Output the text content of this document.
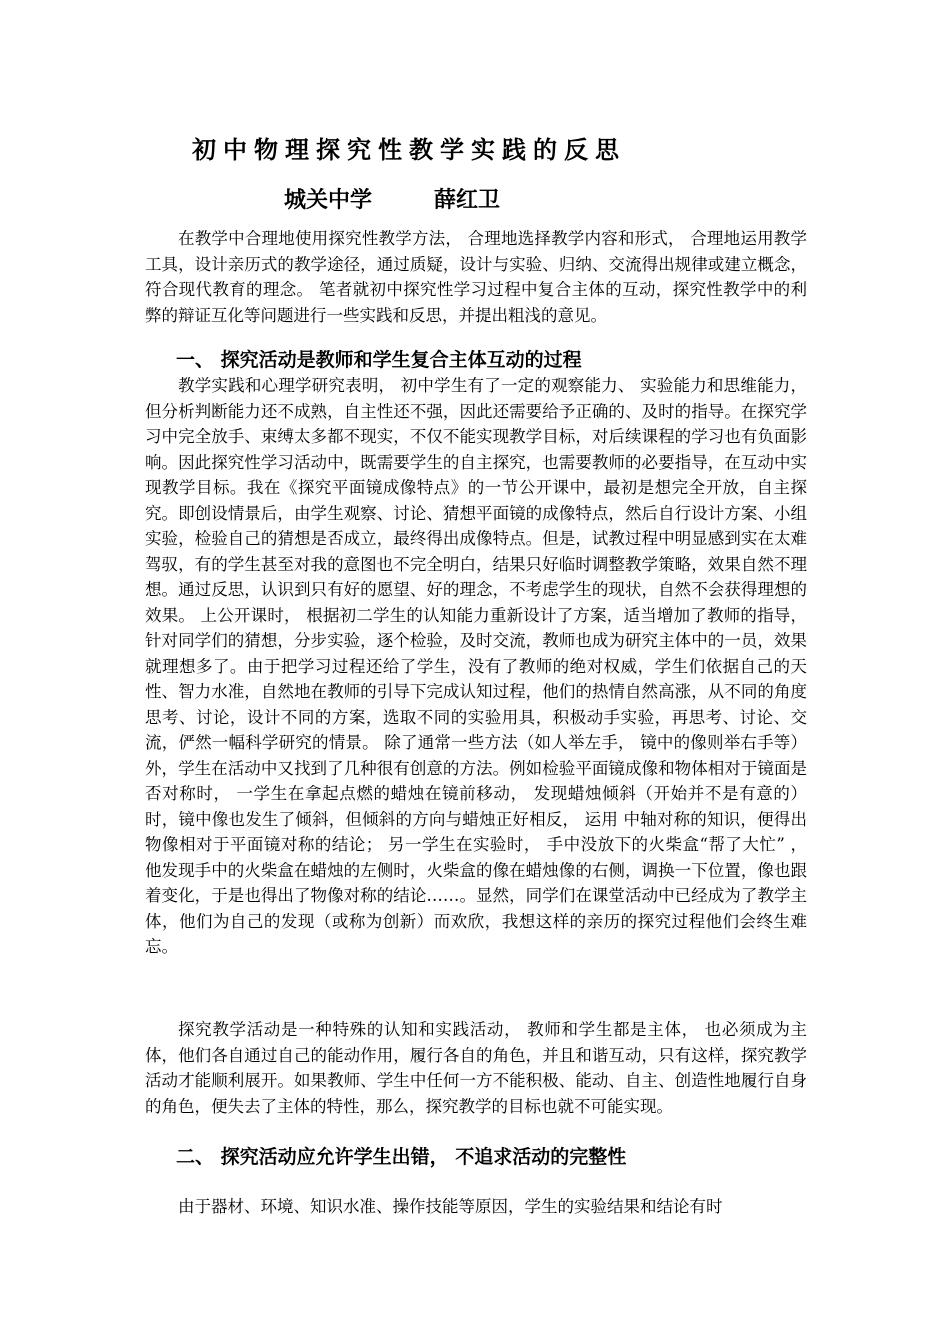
初中物理探究性教学实践的反思
城关中学	薛红卫

在教学中合理地使用探究性教学方法， 合理地选择教学内容和形式， 合理地运用教学工具，设计亲历式的教学途径，通过质疑，设计与实验、归纳、交流得出规律或建立概念， 符合现代教育的理念。 笔者就初中探究性学习过程中复合主体的互动，探究性教学中的利弊的辩证互化等问题进行一些实践和反思，并提出粗浅的意见。

一、 探究活动是教师和学生复合主体互动的过程

教学实践和心理学研究表明， 初中学生有了一定的观察能力、 实验能力和思维能力，但分析判断能力还不成熟，自主性还不强，因此还需要给予正确的、及时的指导。在探究学习中完全放手、束缚太多都不现实，不仅不能实现教学目标，对后续课程的学习也有负面影响。因此探究性学习活动中，既需要学生的自主探究，也需要教师的必要指导，在互动中实现教学目标。我在《探究平面镜成像特点》的一节公开课中，最初是想完全开放，自主探究。即创设情景后，由学生观察、讨论、猜想平面镜的成像特点，然后自行设计方案、小组实验，检验自己的猜想是否成立，最终得出成像特点。但是，试教过程中明显感到实在太难驾驭，有的学生甚至对我的意图也不完全明白，结果只好临时调整教学策略，效果自然不理想。通过反思，认识到只有好的愿望、好的理念，不考虑学生的现状，自然不会获得理想的效果。 上公开课时， 根据初二学生的认知能力重新设计了方案，适当增加了教师的指导，针对同学们的猜想，分步实验，逐个检验，及时交流，教师也成为研究主体中的一员，效果就理想多了。由于把学习过程还给了学生，没有了教师的绝对权威，学生们依据自己的天性、智力水准，自然地在教师的引导下完成认知过程，他们的热情自然高涨，从不同的角度思考、讨论，设计不同的方案，选取不同的实验用具，积极动手实验，再思考、讨论、交流，俨然一幅科学研究的情景。 除了通常一些方法（如人举左手， 镜中的像则举右手等）外，学生在活动中又找到了几种很有创意的方法。例如检验平面镜成像和物体相对于镜面是否对称时， 一学生在拿起点燃的蜡烛在镜前移动， 发现蜡烛倾斜（开始并不是有意的）时，镜中像也发生了倾斜，但倾斜的方向与蜡烛正好相反， 运用 中轴对称的知识，便得出物像相对于平面镜对称的结论； 另一学生在实验时， 手中没放下的火柴盒“帮了大忙” ， 他发现手中的火柴盒在蜡烛的左侧时，火柴盒的像在蜡烛像的右侧，调换一下位置，像也跟着变化，于是也得出了物像对称的结论……。显然，同学们在课堂活动中已经成为了教学主体，他们为自己的发现（或称为创新）而欢欣，我想这样的亲历的探究过程他们会终生难忘。

探究教学活动是一种特殊的认知和实践活动， 教师和学生都是主体， 也必须成为主体，他们各自通过自己的能动作用，履行各自的角色，并且和谐互动，只有这样，探究教学活动才能顺利展开。如果教师、学生中任何一方不能积极、能动、自主、创造性地履行自身的角色，便失去了主体的特性，那么，探究教学的目标也就不可能实现。

二、 探究活动应允许学生出错， 不追求活动的完整性

由于器材、环境、知识水准、操作技能等原因，学生的实验结果和结论有时
